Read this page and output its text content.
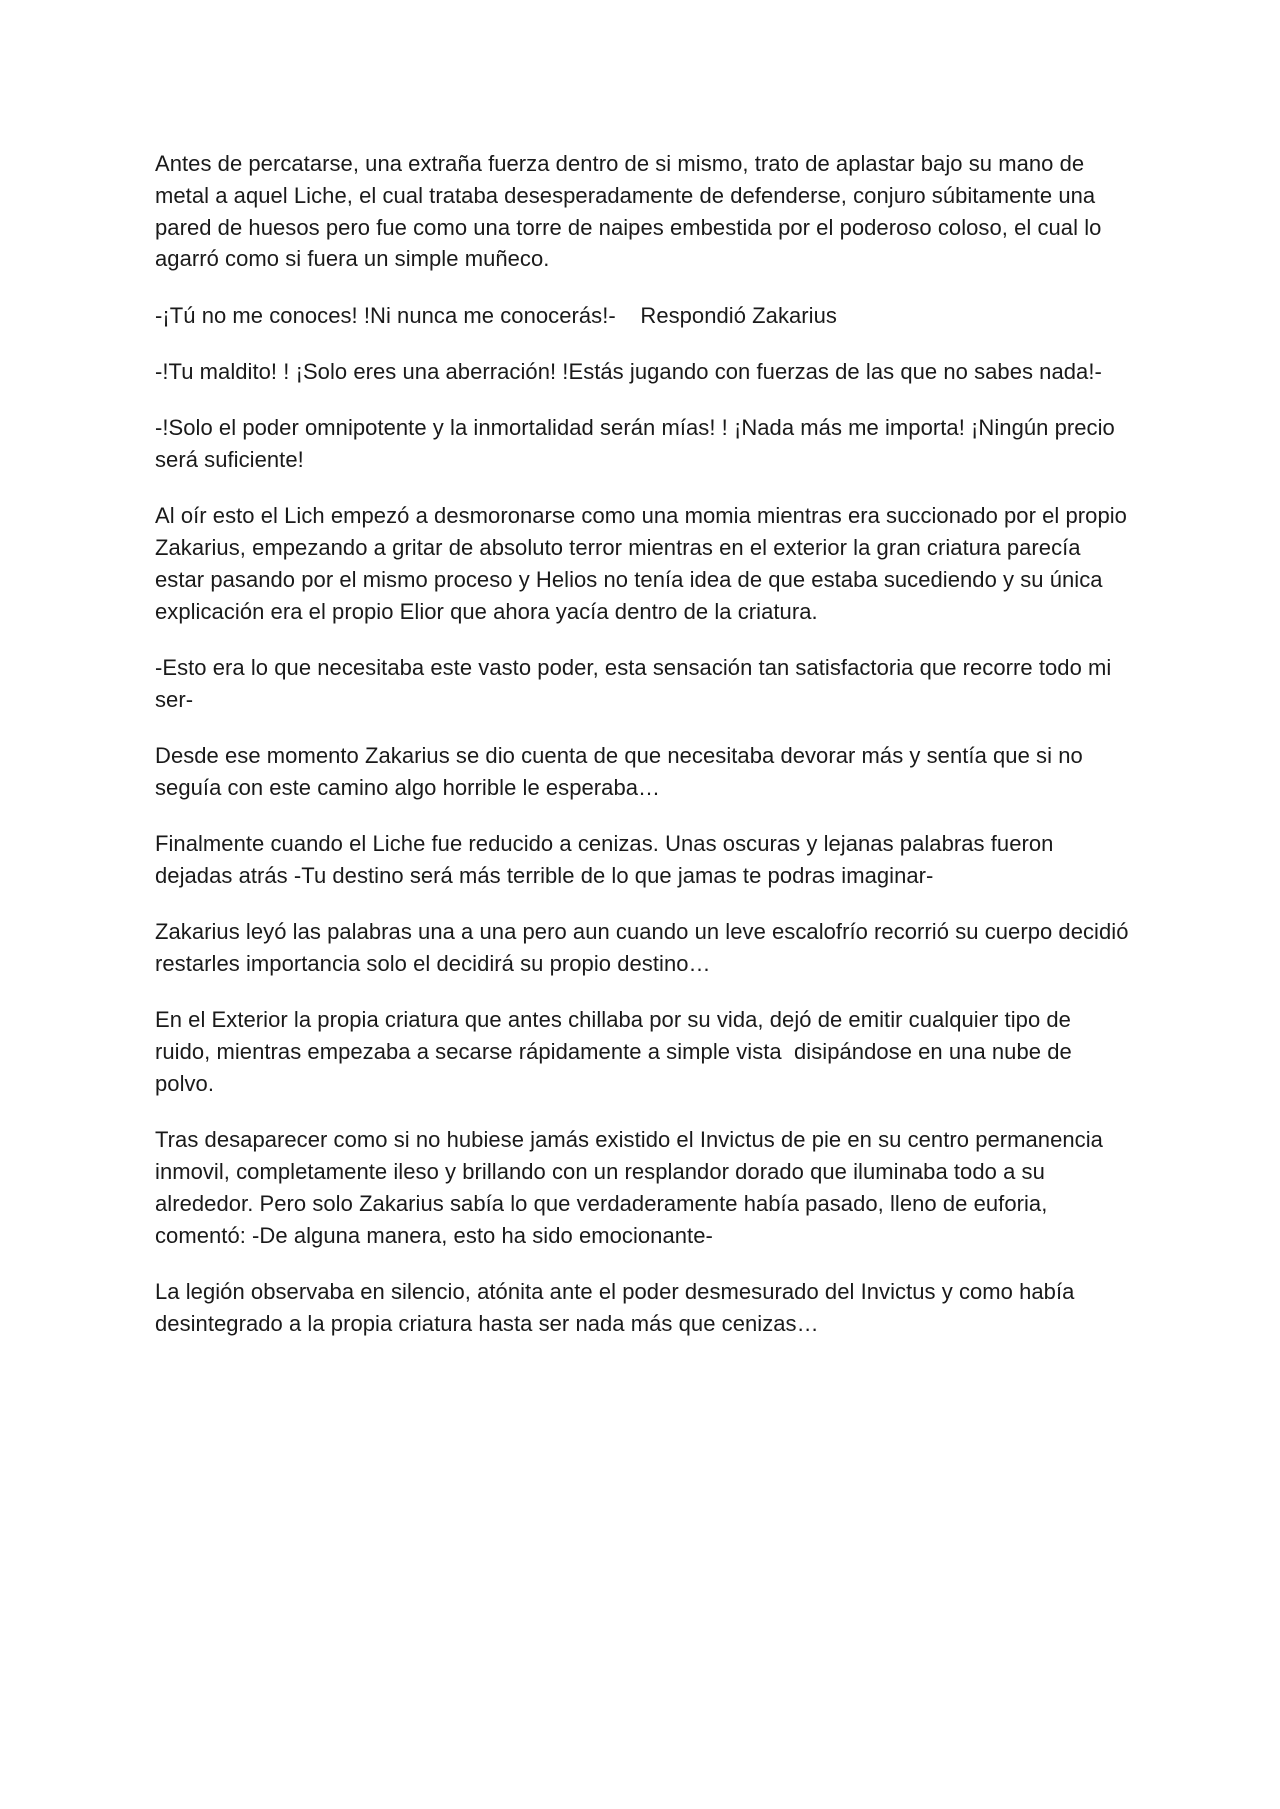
Antes de percatarse, una extraña fuerza dentro de si mismo, trato de aplastar bajo su mano de metal a aquel Liche, el cual trataba desesperadamente de defenderse, conjuro súbitamente una pared de huesos pero fue como una torre de naipes embestida por el poderoso coloso, el cual lo agarró como si fuera un simple muñeco.

-¡Tú no me conoces! !Ni nunca me conocerás!-    Respondió Zakarius

-!Tu maldito! ! ¡Solo eres una aberración! !Estás jugando con fuerzas de las que no sabes nada!-

-!Solo el poder omnipotente y la inmortalidad serán mías! ! ¡Nada más me importa! ¡Ningún precio será suficiente!

Al oír esto el Lich empezó a desmoronarse como una momia mientras era succionado por el propio Zakarius, empezando a gritar de absoluto terror mientras en el exterior la gran criatura parecía estar pasando por el mismo proceso y Helios no tenía idea de que estaba sucediendo y su única explicación era el propio Elior que ahora yacía dentro de la criatura.

-Esto era lo que necesitaba este vasto poder, esta sensación tan satisfactoria que recorre todo mi ser-

Desde ese momento Zakarius se dio cuenta de que necesitaba devorar más y sentía que si no seguía con este camino algo horrible le esperaba…

Finalmente cuando el Liche fue reducido a cenizas. Unas oscuras y lejanas palabras fueron dejadas atrás -Tu destino será más terrible de lo que jamas te podras imaginar-

Zakarius leyó las palabras una a una pero aun cuando un leve escalofrío recorrió su cuerpo decidió restarles importancia solo el decidirá su propio destino…

En el Exterior la propia criatura que antes chillaba por su vida, dejó de emitir cualquier tipo de ruido, mientras empezaba a secarse rápidamente a simple vista  disipándose en una nube de polvo.

Tras desaparecer como si no hubiese jamás existido el Invictus de pie en su centro permanencia inmovil, completamente ileso y brillando con un resplandor dorado que iluminaba todo a su alrededor. Pero solo Zakarius sabía lo que verdaderamente había pasado, lleno de euforia, comentó: -De alguna manera, esto ha sido emocionante-

La legión observaba en silencio, atónita ante el poder desmesurado del Invictus y como había desintegrado a la propia criatura hasta ser nada más que cenizas…
